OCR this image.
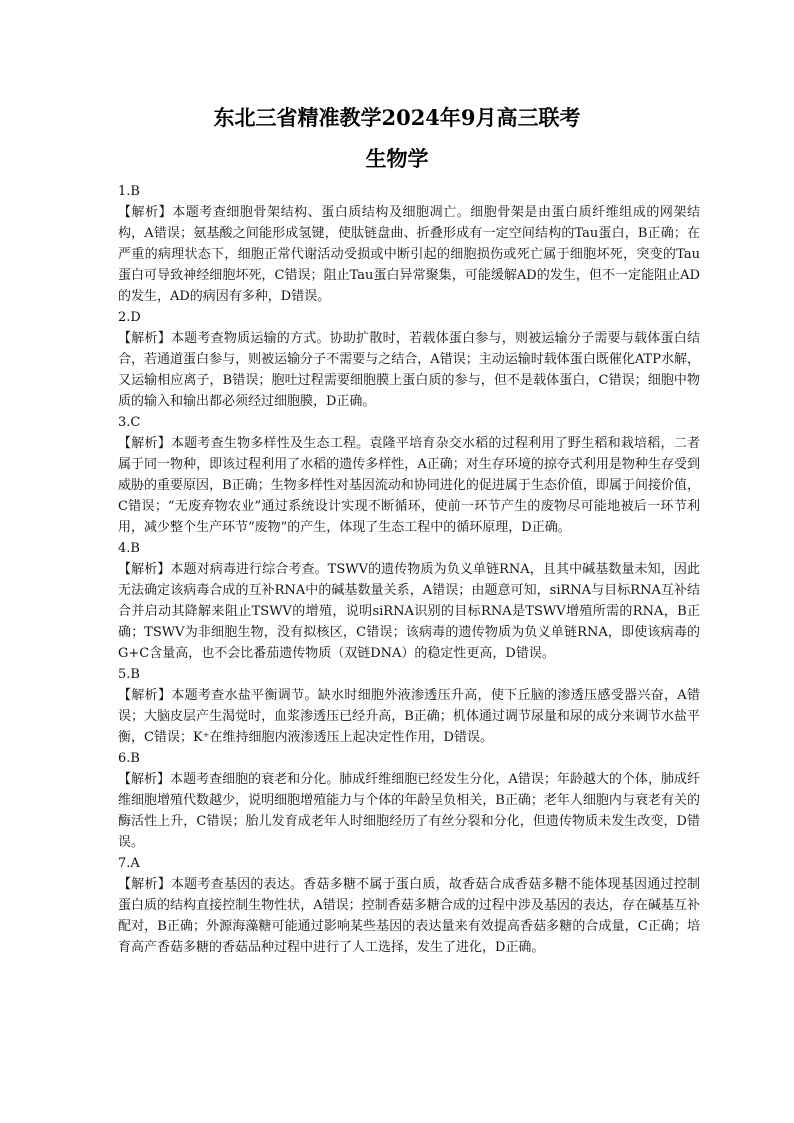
东北三省精准教学2024年9月高三联考
生物学

1.B

【解析】本题考查细胞骨架结构、蛋白质结构及细胞凋亡。细胞骨架是由蛋白质纤维组成的网架结构，A错误；氨基酸之间能形成氢键，使肽链盘曲、折叠形成有一定空间结构的Tau蛋白，B正确；在严重的病理状态下，细胞正常代谢活动受损或中断引起的细胞损伤或死亡属于细胞坏死，突变的Tau蛋白可导致神经细胞坏死，C错误；阻止Tau蛋白异常聚集，可能缓解AD的发生，但不一定能阻止AD的发生，AD的病因有多种，D错误。

2.D

【解析】本题考查物质运输的方式。协助扩散时，若载体蛋白参与，则被运输分子需要与载体蛋白结合，若通道蛋白参与，则被运输分子不需要与之结合，A错误；主动运输时载体蛋白既催化ATP水解，又运输相应离子，B错误；胞吐过程需要细胞膜上蛋白质的参与，但不是载体蛋白，C错误；细胞中物质的输入和输出都必须经过细胞膜，D正确。

3.C

【解析】本题考查生物多样性及生态工程。袁隆平培育杂交水稻的过程利用了野生稻和栽培稻，二者属于同一物种，即该过程利用了水稻的遗传多样性，A正确；对生存环境的掠夺式利用是物种生存受到威胁的重要原因，B正确；生物多样性对基因流动和协同进化的促进属于生态价值，即属于间接价值，C错误；“无废弃物农业”通过系统设计实现不断循环，使前一环节产生的废物尽可能地被后一环节利用，减少整个生产环节“废物”的产生，体现了生态工程中的循环原理，D正确。

4.B

【解析】本题对病毒进行综合考查。TSWV的遗传物质为负义单链RNA，且其中碱基数量未知，因此无法确定该病毒合成的互补RNA中的碱基数量关系，A错误；由题意可知，siRNA与目标RNA互补结合并启动其降解来阻止TSWV的增殖，说明siRNA识别的目标RNA是TSWV增殖所需的RNA，B正确；TSWV为非细胞生物，没有拟核区，C错误；该病毒的遗传物质为负义单链RNA，即使该病毒的G+C含量高，也不会比番茄遗传物质（双链DNA）的稳定性更高，D错误。

5.B

【解析】本题考查水盐平衡调节。缺水时细胞外液渗透压升高，使下丘脑的渗透压感受器兴奋，A错误；大脑皮层产生渴觉时，血浆渗透压已经升高，B正确；机体通过调节尿量和尿的成分来调节水盐平衡，C错误；K⁺在维持细胞内液渗透压上起决定性作用，D错误。

6.B

【解析】本题考查细胞的衰老和分化。肺成纤维细胞已经发生分化，A错误；年龄越大的个体，肺成纤维细胞增殖代数越少，说明细胞增殖能力与个体的年龄呈负相关，B正确；老年人细胞内与衰老有关的酶活性上升，C错误；胎儿发育成老年人时细胞经历了有丝分裂和分化，但遗传物质未发生改变，D错误。

7.A

【解析】本题考查基因的表达。香菇多糖不属于蛋白质，故香菇合成香菇多糖不能体现基因通过控制蛋白质的结构直接控制生物性状，A错误；控制香菇多糖合成的过程中涉及基因的表达，存在碱基互补配对，B正确；外源海藻糖可能通过影响某些基因的表达量来有效提高香菇多糖的合成量，C正确；培育高产香菇多糖的香菇品种过程中进行了人工选择，发生了进化，D正确。
